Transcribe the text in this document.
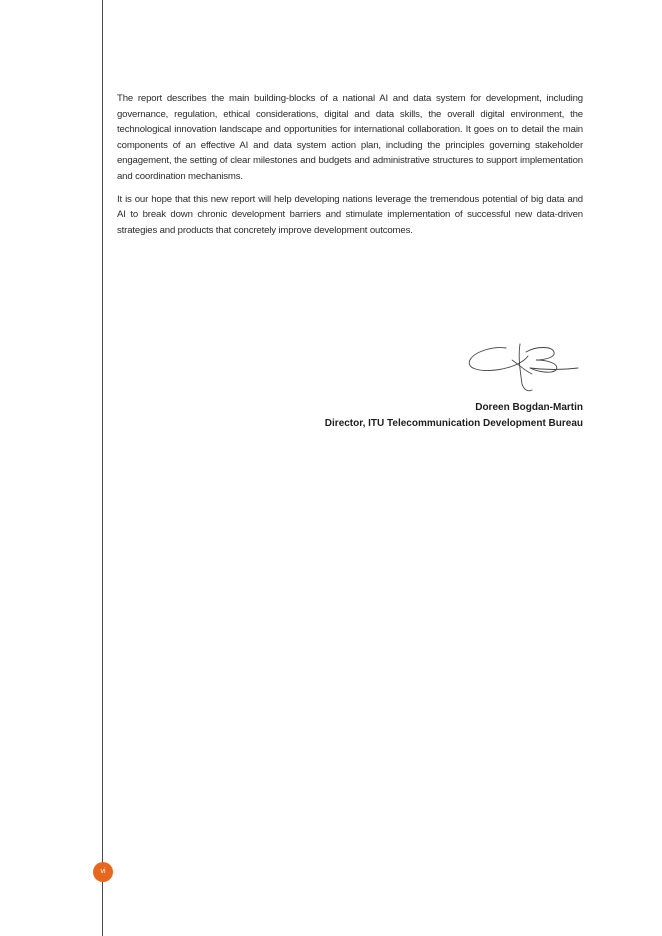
The report describes the main building-blocks of a national AI and data system for development, including governance, regulation, ethical considerations, digital and data skills, the overall digital environment, the technological innovation landscape and opportunities for international collaboration. It goes on to detail the main components of an effective AI and data system action plan, including the principles governing stakeholder engagement, the setting of clear milestones and budgets and administrative structures to support implementation and coordination mechanisms.

It is our hope that this new report will help developing nations leverage the tremendous potential of big data and AI to break down chronic development barriers and stimulate implementation of successful new data-driven strategies and products that concretely improve development outcomes.

Doreen Bogdan-Martin
Director, ITU Telecommunication Development Bureau
vi
